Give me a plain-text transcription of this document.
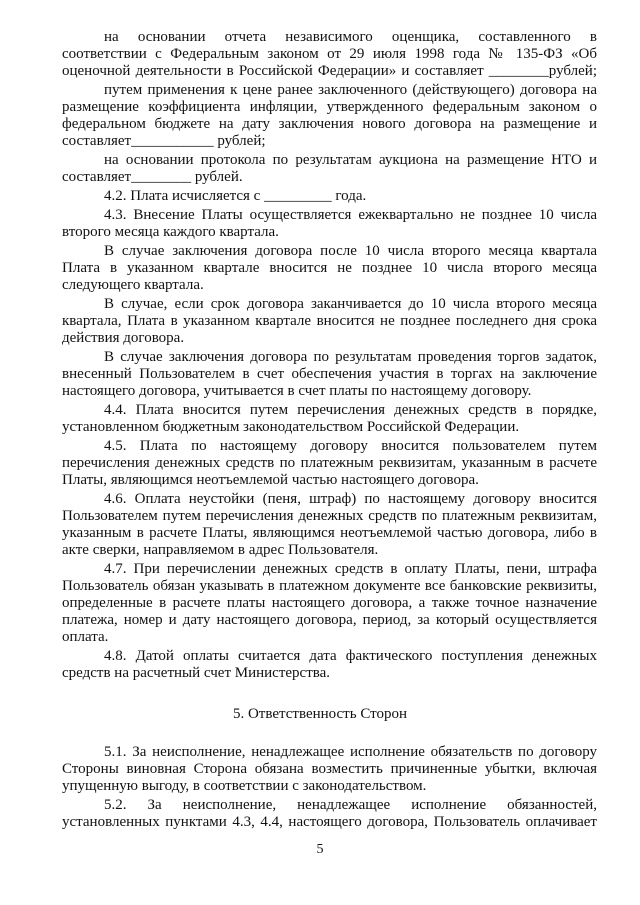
на основании отчета независимого оценщика, составленного в
соответствии с Федеральным законом от 29 июля 1998 года № 135-ФЗ «Об
оценочной деятельности в Российской Федерации» и составляет ________рублей;
путем применения к цене ранее заключенного (действующего) договора на
размещение коэффициента инфляции, утвержденного федеральным законом о
федеральном бюджете на дату заключения нового договора на размещение и
составляет___________ рублей;
на основании протокола по результатам аукциона на размещение НТО и
составляет________ рублей.
4.2. Плата исчисляется с _________ года.
4.3. Внесение Платы осуществляется ежеквартально не позднее 10 числа
второго месяца каждого квартала.
В случае заключения договора после 10 числа второго месяца квартала
Плата в указанном квартале вносится не позднее 10 числа второго месяца
следующего квартала.
В случае, если срок договора заканчивается до 10 числа второго месяца
квартала, Плата в указанном квартале вносится не позднее последнего дня срока
действия договора.
В случае заключения договора по результатам проведения торгов задаток,
внесенный Пользователем в счет обеспечения участия в торгах на заключение
настоящего договора, учитывается в счет платы по настоящему договору.
4.4. Плата вносится путем перечисления денежных средств в порядке,
установленном бюджетным законодательством Российской Федерации.
4.5. Плата по настоящему договору вносится пользователем путем
перечисления денежных средств по платежным реквизитам, указанным в расчете
Платы, являющимся неотъемлемой частью настоящего договора.
4.6. Оплата неустойки (пеня, штраф) по настоящему договору вносится
Пользователем путем перечисления денежных средств по платежным реквизитам,
указанным в расчете Платы, являющимся неотъемлемой частью договора, либо в
акте сверки, направляемом в адрес Пользователя.
4.7. При перечислении денежных средств в оплату Платы, пени, штрафа
Пользователь обязан указывать в платежном документе все банковские реквизиты,
определенные в расчете платы настоящего договора, а также точное назначение
платежа, номер и дату настоящего договора, период, за который осуществляется
оплата.
4.8. Датой оплаты считается дата фактического поступления денежных
средств на расчетный счет Министерства.
5. Ответственность Сторон
5.1. За неисполнение, ненадлежащее исполнение обязательств по договору
Стороны виновная Сторона обязана возместить причиненные убытки, включая
упущенную выгоду, в соответствии с законодательством.
5.2. За неисполнение, ненадлежащее исполнение обязанностей,
установленных пунктами 4.3, 4.4, настоящего договора, Пользователь оплачивает
5
